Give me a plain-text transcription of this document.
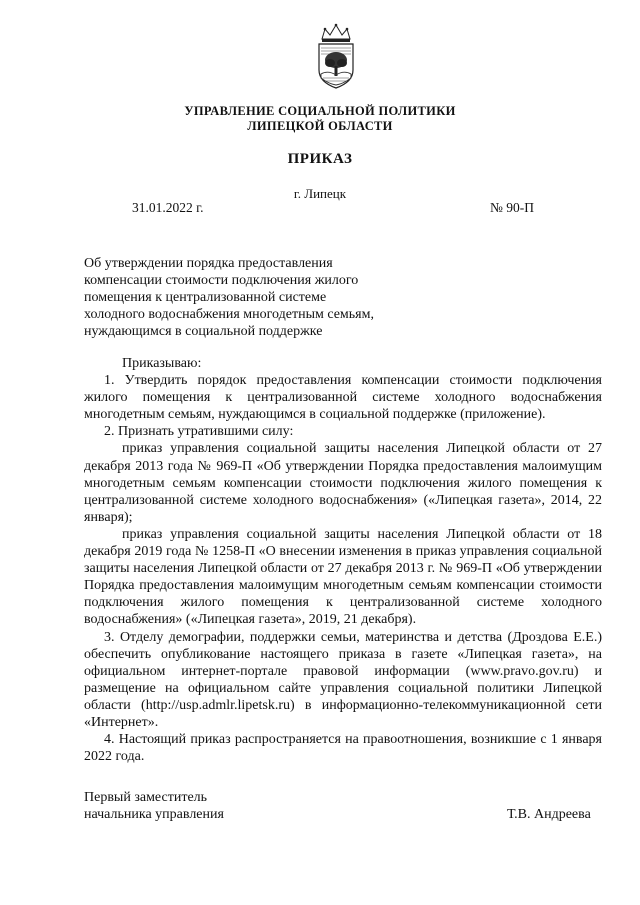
УПРАВЛЕНИЕ СОЦИАЛЬНОЙ ПОЛИТИКИ
ЛИПЕЦКОЙ ОБЛАСТИ
ПРИКАЗ
г. Липецк
31.01.2022 г.	№ 90-П
Об утверждении порядка предоставления
компенсации стоимости подключения жилого
помещения к централизованной системе
холодного водоснабжения многодетным семьям,
нуждающимся в социальной поддержке

Приказываю:

1. Утвердить порядок предоставления компенсации стоимости подключения жилого помещения к централизованной системе холодного водоснабжения многодетным семьям, нуждающимся в социальной поддержке (приложение).

2. Признать утратившими силу:

приказ управления социальной защиты населения Липецкой области от 27 декабря 2013 года № 969-П «Об утверждении Порядка предоставления малоимущим многодетным семьям компенсации стоимости подключения жилого помещения к централизованной системе холодного водоснабжения» («Липецкая газета», 2014, 22 января);

приказ управления социальной защиты населения Липецкой области от 18 декабря 2019 года № 1258-П «О внесении изменения в приказ управления социальной защиты населения Липецкой области от 27 декабря 2013 г. № 969-П «Об утверждении Порядка предоставления малоимущим многодетным семьям компенсации стоимости подключения жилого помещения к централизованной системе холодного водоснабжения» («Липецкая газета», 2019, 21 декабря).

3. Отделу демографии, поддержки семьи, материнства и детства (Дроздова Е.Е.) обеспечить опубликование настоящего приказа в газете «Липецкая газета», на официальном интернет-портале правовой информации (www.pravo.gov.ru) и размещение на официальном сайте управления социальной политики Липецкой области (http://usp.admlr.lipetsk.ru) в информационно-телекоммуникационной сети «Интернет».

4. Настоящий приказ распространяется на правоотношения, возникшие с 1 января 2022 года.

Первый заместитель
начальника управления	Т.В. Андреева
